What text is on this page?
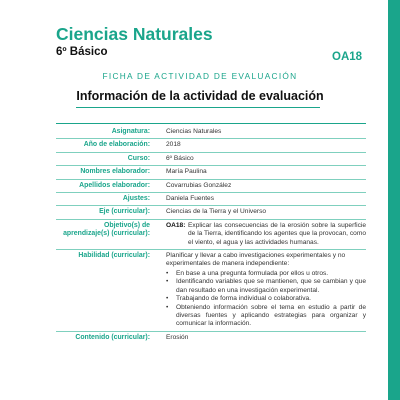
Ciencias Naturales
6º Básico	OA18
FICHA DE ACTIVIDAD DE EVALUACIÓN
Información de la actividad de evaluación
Asignatura:	Ciencias Naturales
Año de elaboración:	2018
Curso:	6º Básico
Nombres elaborador:	María Paulina
Apellidos elaborador:	Covarrubias González
Ajustes:	Daniela Fuentes
Eje (curricular):	Ciencias de la Tierra y el Universo
Objetivo(s) de aprendizaje(s) (curricular):
OA18: Explicar las consecuencias de la erosión sobre la superficie de la Tierra, identificando los agentes que la provocan, como el viento, el agua y las actividades humanas.
Habilidad (curricular):	Planificar y llevar a cabo investigaciones experimentales y no experimentales de manera independiente:
•	En base a una pregunta formulada por ellos u otros.
•	Identificando variables que se mantienen, que se cambian y que dan resultado en una investigación experimental.
•	Trabajando de forma individual o colaborativa.
•	Obteniendo información sobre el tema en estudio a partir de diversas fuentes y aplicando estrategias para organizar y comunicar la información.
Contenido (curricular):	Erosión
